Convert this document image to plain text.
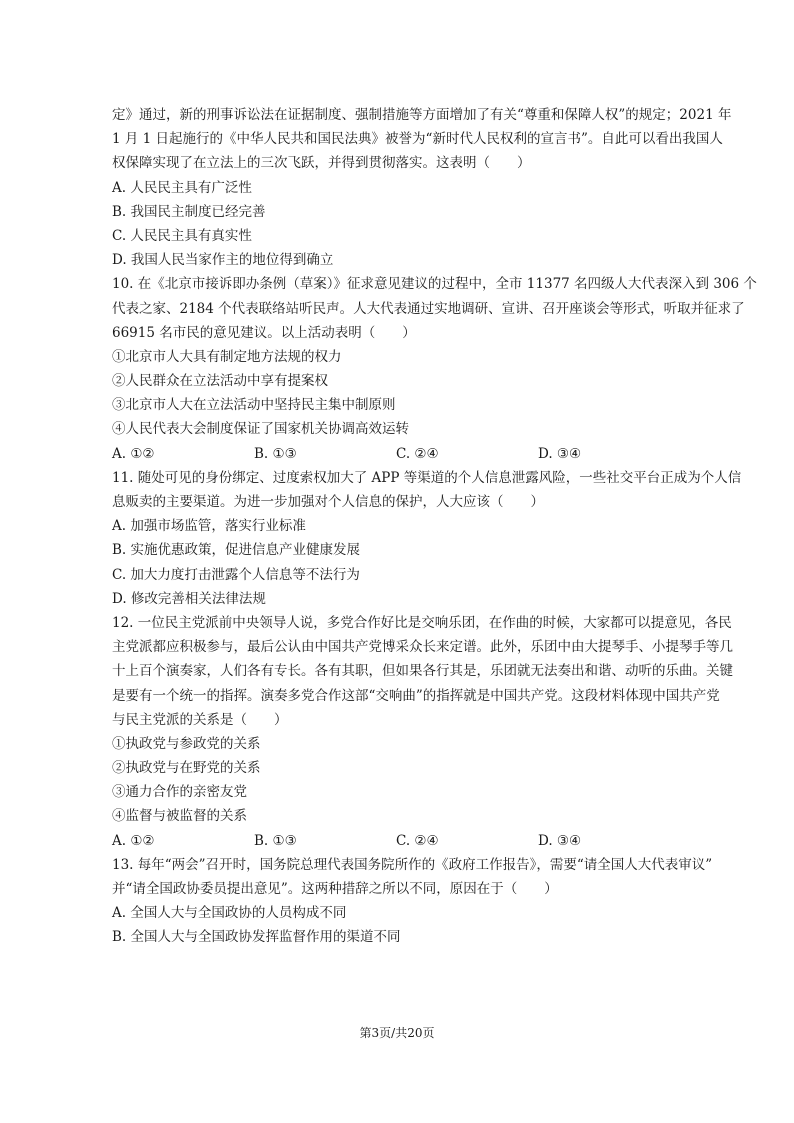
定》通过，新的刑事诉讼法在证据制度、强制措施等方面增加了有关“尊重和保障人权”的规定；2021 年
1 月 1 日起施行的《中华人民共和国民法典》被誉为“新时代人民权利的宣言书”。自此可以看出我国人
权保障实现了在立法上的三次飞跃，并得到贯彻落实。这表明（　　）
A. 人民民主具有广泛性
B. 我国民主制度已经完善
C. 人民民主具有真实性
D. 我国人民当家作主的地位得到确立
10. 在《北京市接诉即办条例（草案）》征求意见建议的过程中，全市 11377 名四级人大代表深入到 306 个
代表之家、2184 个代表联络站听民声。人大代表通过实地调研、宣讲、召开座谈会等形式，听取并征求了
66915 名市民的意见建议。以上活动表明（　　）
①北京市人大具有制定地方法规的权力
②人民群众在立法活动中享有提案权
③北京市人大在立法活动中坚持民主集中制原则
④人民代表大会制度保证了国家机关协调高效运转
A. ①②	B. ①③	C. ②④	D. ③④
11. 随处可见的身份绑定、过度索权加大了 APP 等渠道的个人信息泄露风险，一些社交平台正成为个人信
息贩卖的主要渠道。为进一步加强对个人信息的保护，人大应该（　　）
A. 加强市场监管，落实行业标准
B. 实施优惠政策，促进信息产业健康发展
C. 加大力度打击泄露个人信息等不法行为
D. 修改完善相关法律法规
12. 一位民主党派前中央领导人说，多党合作好比是交响乐团，在作曲的时候，大家都可以提意见，各民
主党派都应积极参与，最后公认由中国共产党博采众长来定谱。此外，乐团中由大提琴手、小提琴手等几
十上百个演奏家，人们各有专长。各有其职，但如果各行其是，乐团就无法奏出和谐、动听的乐曲。关键
是要有一个统一的指挥。演奏多党合作这部“交响曲”的指挥就是中国共产党。这段材料体现中国共产党
与民主党派的关系是（　　）
①执政党与参政党的关系
②执政党与在野党的关系
③通力合作的亲密友党
④监督与被监督的关系
A. ①②	B. ①③	C. ②④	D. ③④
13. 每年“两会”召开时，国务院总理代表国务院所作的《政府工作报告》，需要“请全国人大代表审议”
并“请全国政协委员提出意见”。这两种措辞之所以不同，原因在于（　　）
A. 全国人大与全国政协的人员构成不同
B. 全国人大与全国政协发挥监督作用的渠道不同
第3页/共20页
